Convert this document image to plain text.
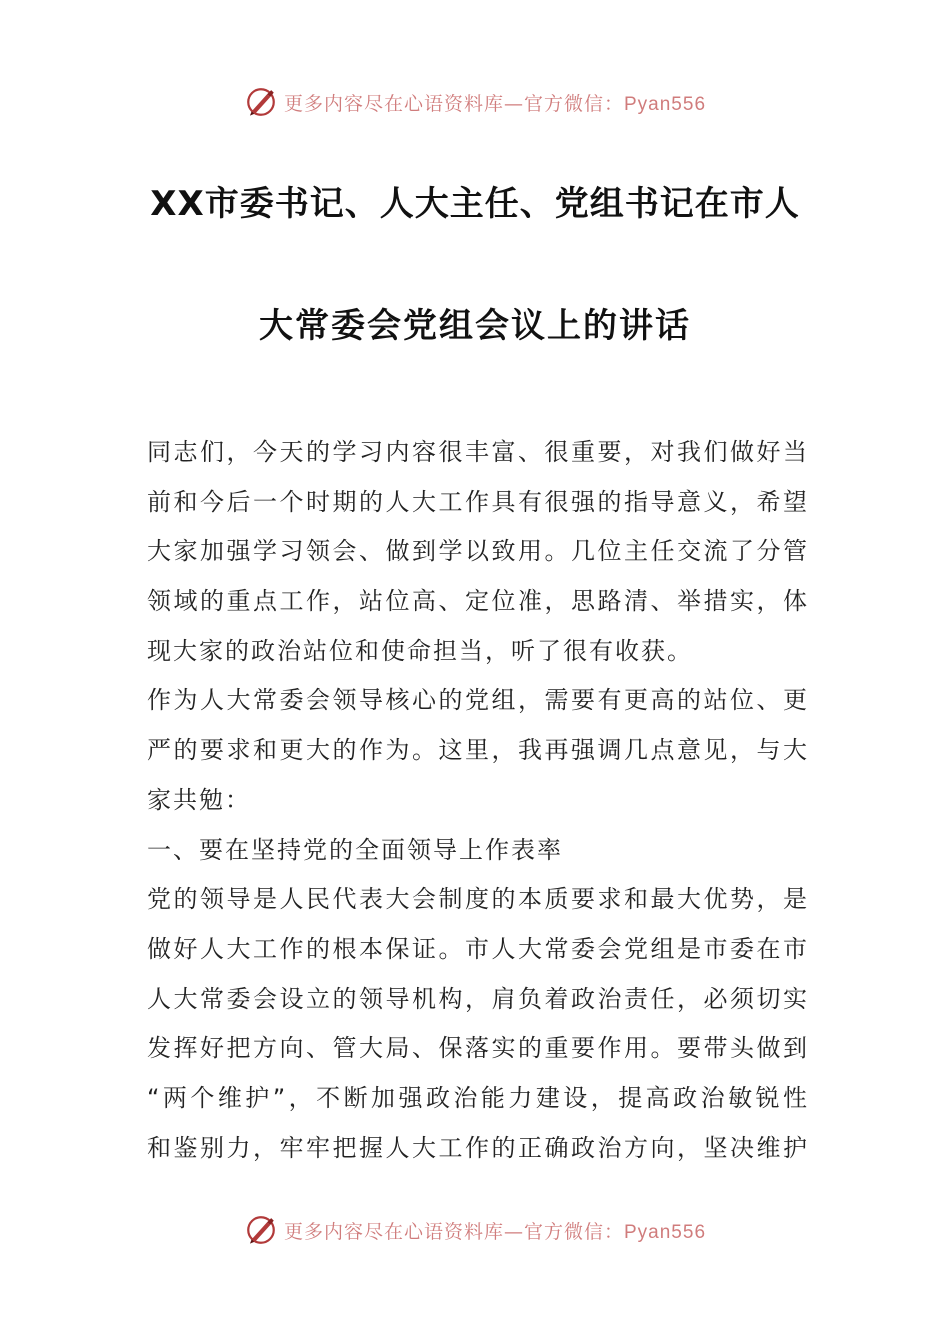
更多内容尽在心语资料库—官方微信：Pyan556
XX市委书记、人大主任、党组书记在市人
大常委会党组会议上的讲话
同志们，今天的学习内容很丰富、很重要，对我们做好当
前和今后一个时期的人大工作具有很强的指导意义，希望
大家加强学习领会、做到学以致用。几位主任交流了分管
领域的重点工作，站位高、定位准，思路清、举措实，体
现大家的政治站位和使命担当，听了很有收获。
作为人大常委会领导核心的党组，需要有更高的站位、更
严的要求和更大的作为。这里，我再强调几点意见，与大
家共勉：
一、要在坚持党的全面领导上作表率
党的领导是人民代表大会制度的本质要求和最大优势，是
做好人大工作的根本保证。市人大常委会党组是市委在市
人大常委会设立的领导机构，肩负着政治责任，必须切实
发挥好把方向、管大局、保落实的重要作用。要带头做到
“两个维护”，不断加强政治能力建设，提高政治敏锐性
和鉴别力，牢牢把握人大工作的正确政治方向，坚决维护
更多内容尽在心语资料库—官方微信：Pyan556
